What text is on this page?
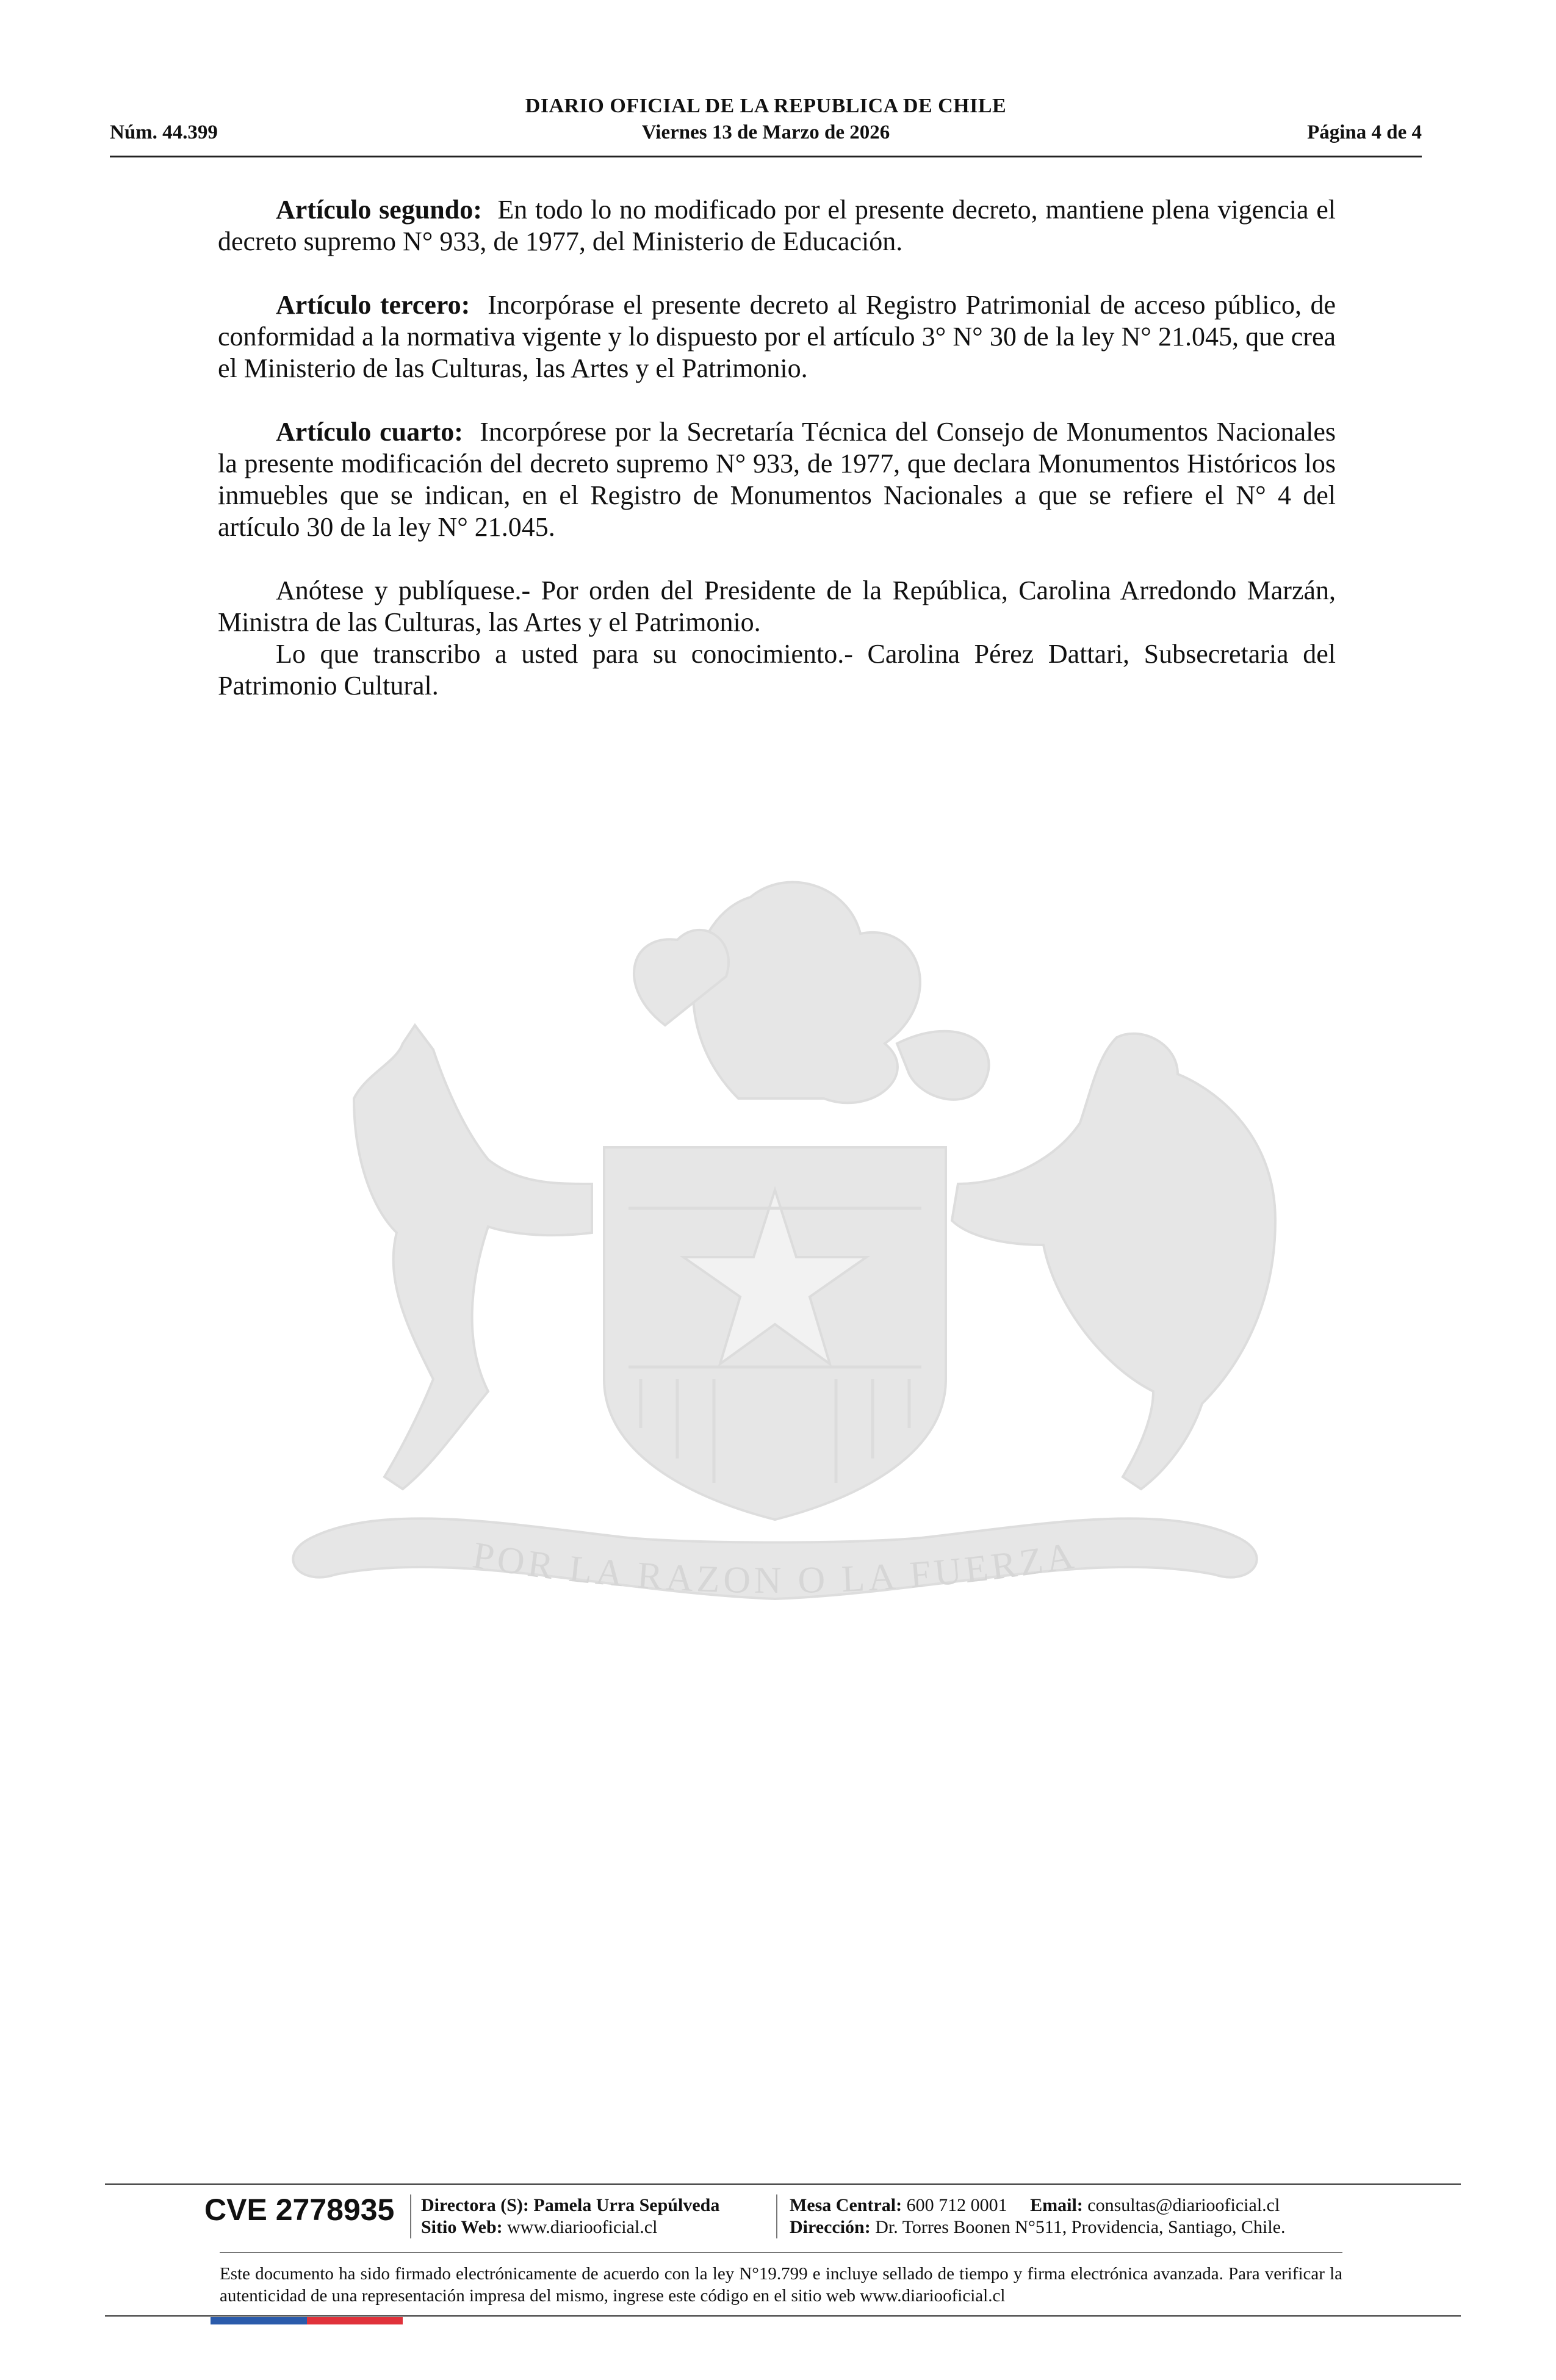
DIARIO OFICIAL DE LA REPUBLICA DE CHILE
Núm. 44.399	Viernes 13 de Marzo de 2026	Página 4 de 4
POR LA RAZON O LA FUERZA

Artículo segundo: En todo lo no modificado por el presente decreto, mantiene plena vigencia el decreto supremo N° 933, de 1977, del Ministerio de Educación.

Artículo tercero: Incorpórase el presente decreto al Registro Patrimonial de acceso público, de conformidad a la normativa vigente y lo dispuesto por el artículo 3° N° 30 de la ley N° 21.045, que crea el Ministerio de las Culturas, las Artes y el Patrimonio.

Artículo cuarto: Incorpórese por la Secretaría Técnica del Consejo de Monumentos Nacionales la presente modificación del decreto supremo N° 933, de 1977, que declara Monumentos Históricos los inmuebles que se indican, en el Registro de Monumentos Nacionales a que se refiere el N° 4 del artículo 30 de la ley N° 21.045.

Anótese y publíquese.- Por orden del Presidente de la República, Carolina Arredondo Marzán, Ministra de las Culturas, las Artes y el Patrimonio.

Lo que transcribo a usted para su conocimiento.- Carolina Pérez Dattari, Subsecretaria del Patrimonio Cultural.

CVE 2778935 Directora (S): Pamela Urra Sepúlveda
Sitio Web: www.diariooficial.cl
Mesa Central: 600 712 0001 Email: consultas@diariooficial.cl
Dirección: Dr. Torres Boonen N°511, Providencia, Santiago, Chile.
Este documento ha sido firmado electrónicamente de acuerdo con la ley N°19.799 e incluye sellado de tiempo y firma electrónica avanzada. Para verificar la autenticidad de una representación impresa del mismo, ingrese este código en el sitio web www.diariooficial.cl
